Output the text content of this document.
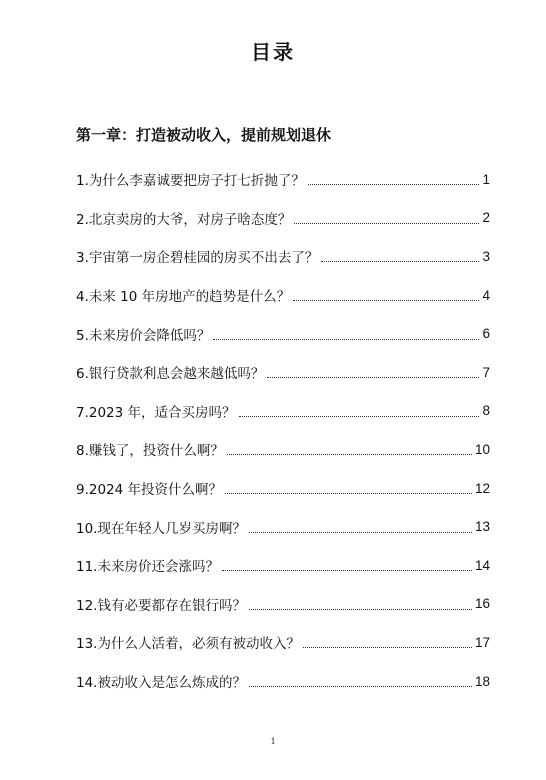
目录
第一章：打造被动收入，提前规划退休
1.为什么李嘉诚要把房子打七折抛了？	1
2.北京卖房的大爷，对房子啥态度？	2
3.宇宙第一房企碧桂园的房买不出去了？	3
4.未来 10 年房地产的趋势是什么？	4
5.未来房价会降低吗？	6
6.银行贷款利息会越来越低吗？	7
7.2023 年，适合买房吗？	8
8.赚钱了，投资什么啊？	10
9.2024 年投资什么啊？	12
10.现在年轻人几岁买房啊？	13
11.未来房价还会涨吗？	14
12.钱有必要都存在银行吗？	16
13.为什么人活着，必须有被动收入？	17
14.被动收入是怎么炼成的？	18
1
